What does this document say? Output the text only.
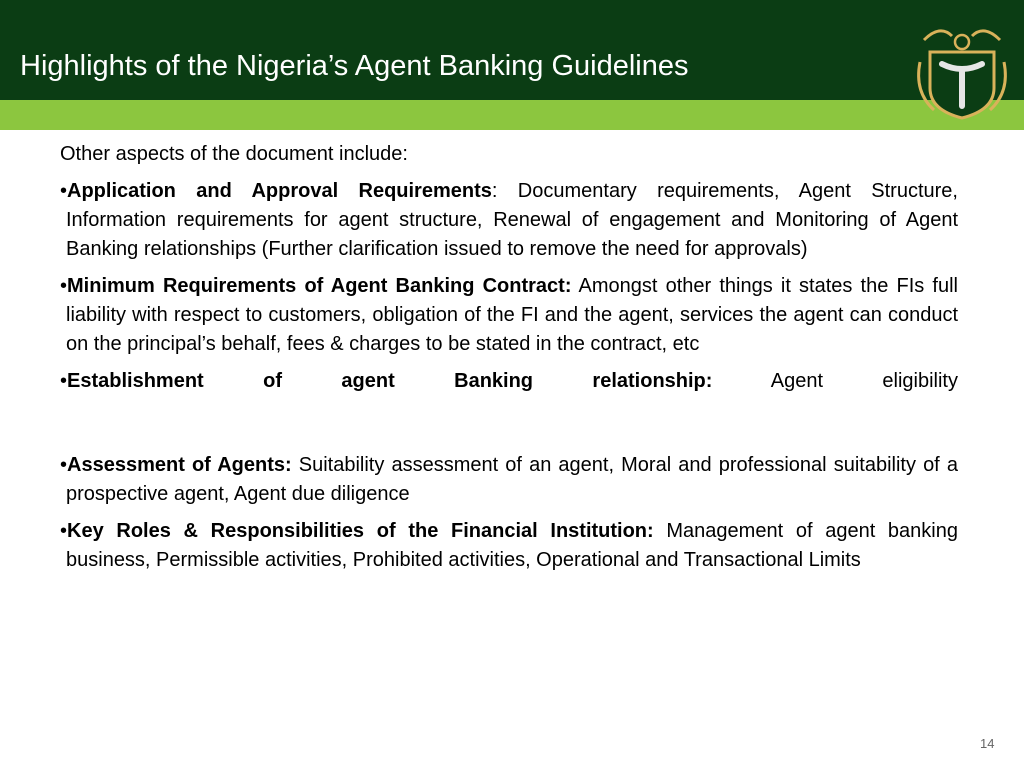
Highlights of the Nigeria’s Agent Banking Guidelines

Other aspects of the document include:

•Application and Approval Requirements: Documentary requirements, Agent Structure, Information requirements for agent structure, Renewal of engagement and Monitoring of Agent Banking relationships (Further clarification issued to remove the need for approvals)

•Minimum Requirements of Agent Banking Contract: Amongst other things it states the FIs full liability with respect to customers, obligation of the FI and the agent, services the agent can conduct on the principal’s behalf, fees & charges to be stated in the contract, etc

•Establishment of agent Banking relationship: Agent eligibility

•Assessment of Agents: Suitability assessment of an agent, Moral and professional suitability of a prospective agent, Agent due diligence

•Key Roles & Responsibilities of the Financial Institution: Management of agent banking business, Permissible activities, Prohibited activities, Operational and Transactional Limits

14
